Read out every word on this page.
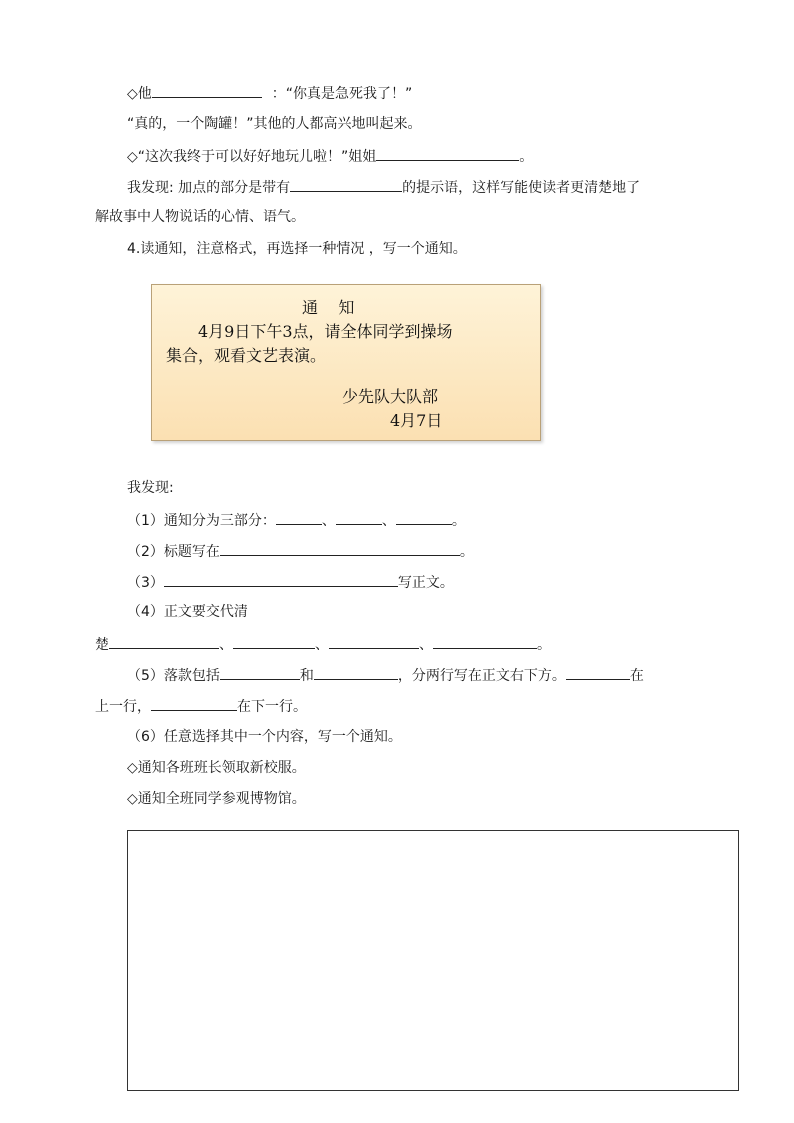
◇他	：“你真是急死我了！”
“真的，一个陶罐！”其他的人都高兴地叫起来。
◇“这次我终于可以好好地玩儿啦！”姐姐	。
我发现: 加点的部分是带有	的提示语，这样写能使读者更清楚地了
解故事中人物说话的心情、语气。
4.读通知，注意格式，再选择一种情况 ，写一个通知。
通    知
4月9日下午3点，请全体同学到操场
集合，观看文艺表演。
少先队大队部
4月7日
我发现:
（1）通知分为三部分：	、	、	。
（2）标题写在	。
（3）	写正文。
（4）正文要交代清
楚	、	、	、	。
（5）落款包括	和	，分两行写在正文右下方。	在
上一行，	在下一行。
（6）任意选择其中一个内容，写一个通知。
◇通知各班班长领取新校服。
◇通知全班同学参观博物馆。
